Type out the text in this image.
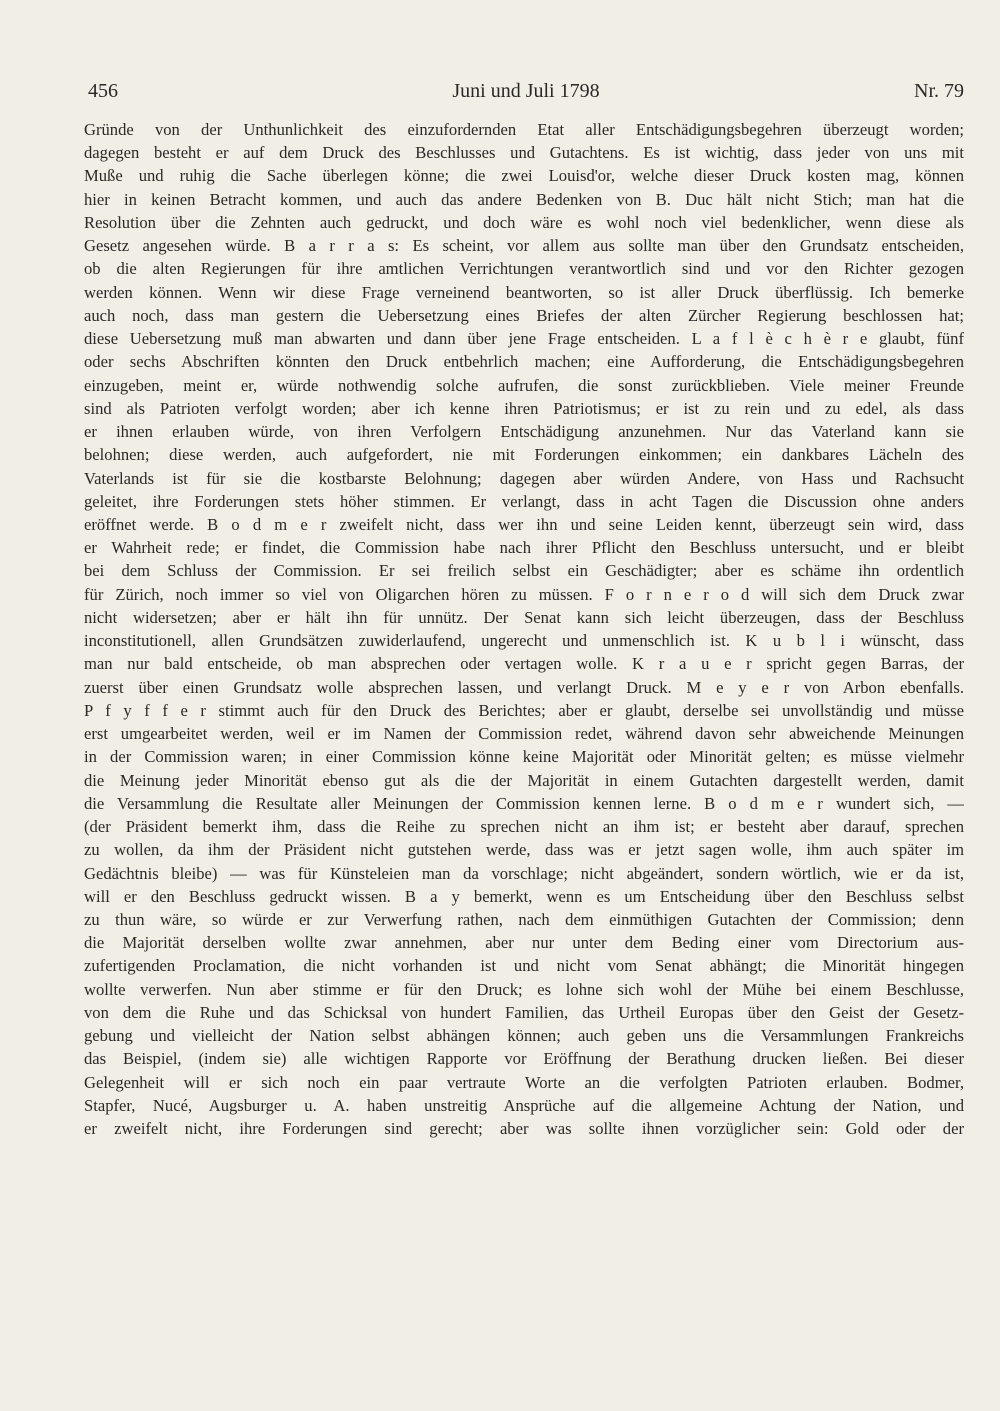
456	Juni und Juli 1798	Nr. 79
Gründe von der Unthunlichkeit des einzufordernden Etat aller Entschädigungsbegehren überzeugt worden;
dagegen besteht er auf dem Druck des Beschlusses und Gutachtens. Es ist wichtig, dass jeder von uns mit
Muße und ruhig die Sache überlegen könne; die zwei Louisd'or, welche dieser Druck kosten mag, können
hier in keinen Betracht kommen, und auch das andere Bedenken von B. Duc hält nicht Stich; man hat die
Resolution über die Zehnten auch gedruckt, und doch wäre es wohl noch viel bedenklicher, wenn diese als
Gesetz angesehen würde. B a r r a s: Es scheint, vor allem aus sollte man über den Grundsatz entscheiden,
ob die alten Regierungen für ihre amtlichen Verrichtungen verantwortlich sind und vor den Richter gezogen
werden können. Wenn wir diese Frage verneinend beantworten, so ist aller Druck überflüssig. Ich bemerke
auch noch, dass man gestern die Uebersetzung eines Briefes der alten Zürcher Regierung beschlossen hat;
diese Uebersetzung muß man abwarten und dann über jene Frage entscheiden. L a f l è c h è r e glaubt, fünf
oder sechs Abschriften könnten den Druck entbehrlich machen; eine Aufforderung, die Entschädigungsbegehren
einzugeben, meint er, würde nothwendig solche aufrufen, die sonst zurückblieben. Viele meiner Freunde
sind als Patrioten verfolgt worden; aber ich kenne ihren Patriotismus; er ist zu rein und zu edel, als dass
er ihnen erlauben würde, von ihren Verfolgern Entschädigung anzunehmen. Nur das Vaterland kann sie
belohnen; diese werden, auch aufgefordert, nie mit Forderungen einkommen; ein dankbares Lächeln des
Vaterlands ist für sie die kostbarste Belohnung; dagegen aber würden Andere, von Hass und Rachsucht
geleitet, ihre Forderungen stets höher stimmen. Er verlangt, dass in acht Tagen die Discussion ohne anders
eröffnet werde. B o d m e r zweifelt nicht, dass wer ihn und seine Leiden kennt, überzeugt sein wird, dass
er Wahrheit rede; er findet, die Commission habe nach ihrer Pflicht den Beschluss untersucht, und er bleibt
bei dem Schluss der Commission. Er sei freilich selbst ein Geschädigter; aber es schäme ihn ordentlich
für Zürich, noch immer so viel von Oligarchen hören zu müssen. F o r n e r o d will sich dem Druck zwar
nicht widersetzen; aber er hält ihn für unnütz. Der Senat kann sich leicht überzeugen, dass der Beschluss
inconstitutionell, allen Grundsätzen zuwiderlaufend, ungerecht und unmenschlich ist. K u b l i wünscht, dass
man nur bald entscheide, ob man absprechen oder vertagen wolle. K r a u e r spricht gegen Barras, der
zuerst über einen Grundsatz wolle absprechen lassen, und verlangt Druck. M e y e r von Arbon ebenfalls.
P f y f f e r stimmt auch für den Druck des Berichtes; aber er glaubt, derselbe sei unvollständig und müsse
erst umgearbeitet werden, weil er im Namen der Commission redet, während davon sehr abweichende Meinungen
in der Commission waren; in einer Commission könne keine Majorität oder Minorität gelten; es müsse vielmehr
die Meinung jeder Minorität ebenso gut als die der Majorität in einem Gutachten dargestellt werden, damit
die Versammlung die Resultate aller Meinungen der Commission kennen lerne. B o d m e r wundert sich, —
(der Präsident bemerkt ihm, dass die Reihe zu sprechen nicht an ihm ist; er besteht aber darauf, sprechen
zu wollen, da ihm der Präsident nicht gutstehen werde, dass was er jetzt sagen wolle, ihm auch später im
Gedächtnis bleibe) — was für Künsteleien man da vorschlage; nicht abgeändert, sondern wörtlich, wie er da ist,
will er den Beschluss gedruckt wissen. B a y bemerkt, wenn es um Entscheidung über den Beschluss selbst
zu thun wäre, so würde er zur Verwerfung rathen, nach dem einmüthigen Gutachten der Commission; denn
die Majorität derselben wollte zwar annehmen, aber nur unter dem Beding einer vom Directorium aus-
zufertigenden Proclamation, die nicht vorhanden ist und nicht vom Senat abhängt; die Minorität hingegen
wollte verwerfen. Nun aber stimme er für den Druck; es lohne sich wohl der Mühe bei einem Beschlusse,
von dem die Ruhe und das Schicksal von hundert Familien, das Urtheil Europas über den Geist der Gesetz-
gebung und vielleicht der Nation selbst abhängen können; auch geben uns die Versammlungen Frankreichs
das Beispiel, (indem sie) alle wichtigen Rapporte vor Eröffnung der Berathung drucken ließen. Bei dieser
Gelegenheit will er sich noch ein paar vertraute Worte an die verfolgten Patrioten erlauben. Bodmer,
Stapfer, Nucé, Augsburger u. A. haben unstreitig Ansprüche auf die allgemeine Achtung der Nation, und
er zweifelt nicht, ihre Forderungen sind gerecht; aber was sollte ihnen vorzüglicher sein: Gold oder der
